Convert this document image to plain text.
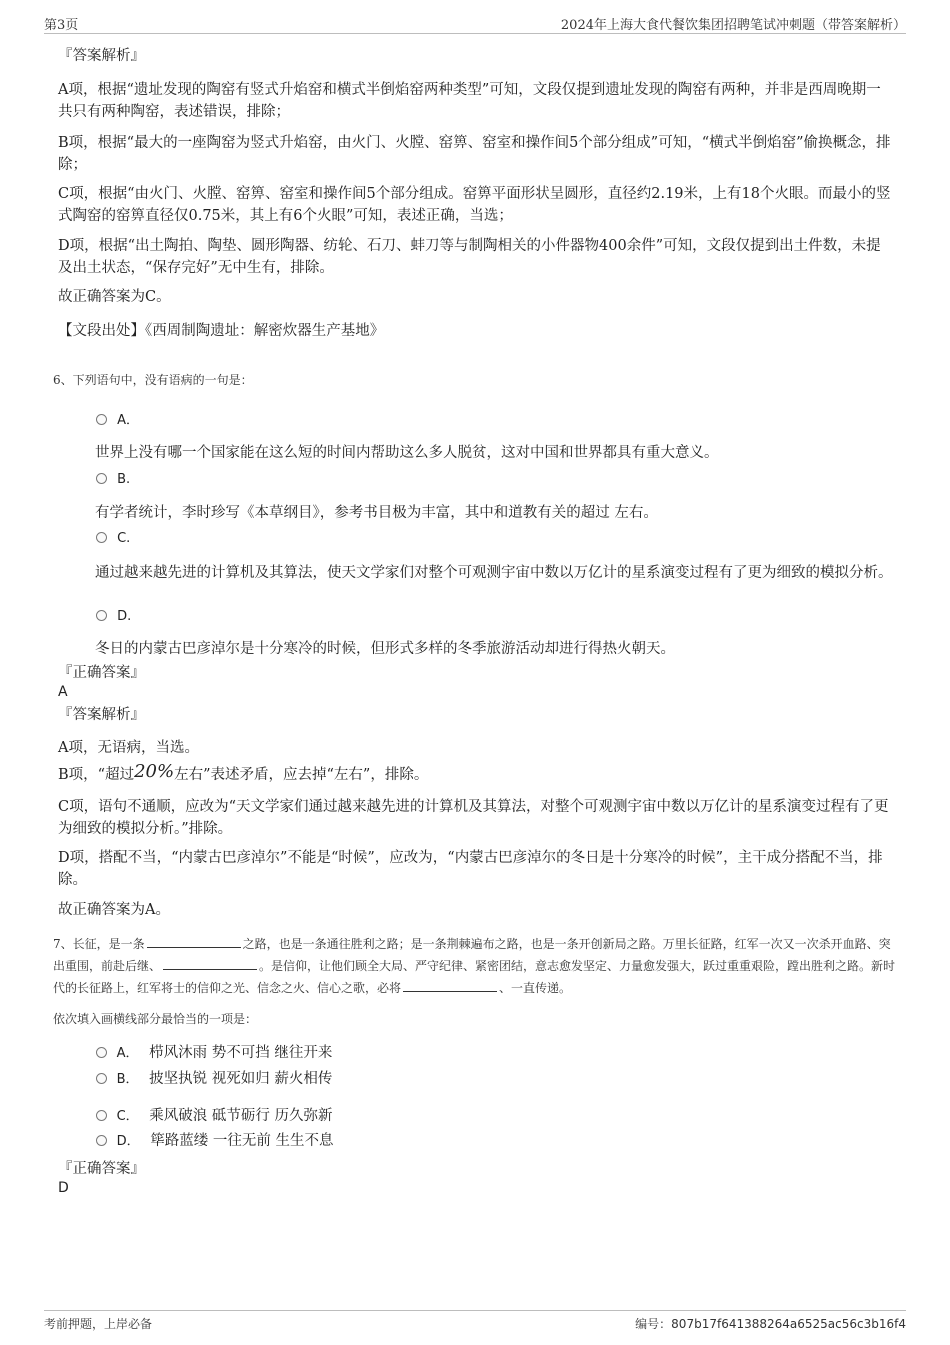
第3页	2024年上海大食代餐饮集团招聘笔试冲刺题（带答案解析）
『答案解析』
A项，根据“遗址发现的陶窑有竖式升焰窑和横式半倒焰窑两种类型”可知，文段仅提到遗址发现的陶窑有两种，并非是西周晚期一共只有两种陶窑，表述错误，排除；
B项，根据“最大的一座陶窑为竖式升焰窑，由火门、火膛、窑箅、窑室和操作间5个部分组成”可知，“横式半倒焰窑”偷换概念，排除；
C项，根据“由火门、火膛、窑箅、窑室和操作间5个部分组成。窑箅平面形状呈圆形，直径约2.19米，上有18个火眼。而最小的竖式陶窑的窑箅直径仅0.75米，其上有6个火眼”可知，表述正确，当选；
D项，根据“出土陶拍、陶垫、圆形陶器、纺轮、石刀、蚌刀等与制陶相关的小件器物400余件”可知，文段仅提到出土件数，未提及出土状态，“保存完好”无中生有，排除。
故正确答案为C。
【文段出处】《西周制陶遗址：解密炊器生产基地》
6、下列语句中，没有语病的一句是：
A．
世界上没有哪一个国家能在这么短的时间内帮助这么多人脱贫，这对中国和世界都具有重大意义。
B.
有学者统计，李时珍写《本草纲目》，参考书目极为丰富，其中和道教有关的超过 左右。
C.
通过越来越先进的计算机及其算法，使天文学家们对整个可观测宇宙中数以万亿计的星系演变过程有了更为细致的模拟分析。
D.
冬日的内蒙古巴彦淖尔是十分寒冷的时候，但形式多样的冬季旅游活动却进行得热火朝天。
『正确答案』
A
『答案解析』
A项，无语病，当选。
B项，“超过20%左右”表述矛盾，应去掉“左右”，排除。
C项，语句不通顺，应改为“天文学家们通过越来越先进的计算机及其算法，对整个可观测宇宙中数以万亿计的星系演变过程有了更为细致的模拟分析。”排除。
D项，搭配不当，“内蒙古巴彦淖尔”不能是“时候”，应改为，“内蒙古巴彦淖尔的冬日是十分寒冷的时候”，主干成分搭配不当，排除。
故正确答案为A。
7、长征，是一条	之路，也是一条通往胜利之路；是一条荆棘遍布之路，也是一条开创新局之路。万里长征路，红军一次又一次杀开血路、突出重围，前赴后继、	。是信仰，让他们顾全大局、严守纪律、紧密团结，意志愈发坚定、力量愈发强大，跃过重重艰险，蹚出胜利之路。新时代的长征路上，红军将士的信仰之光、信念之火、信心之歌，必将	、一直传递。
依次填入画横线部分最恰当的一项是：
A． 栉风沐雨 势不可挡 继往开来
B． 披坚执锐 视死如归 薪火相传
C． 乘风破浪 砥节砺行 历久弥新
D． 筚路蓝缕 一往无前 生生不息
『正确答案』
D
考前押题，上岸必备	编号：807b17f641388264a6525ac56c3b16f4
